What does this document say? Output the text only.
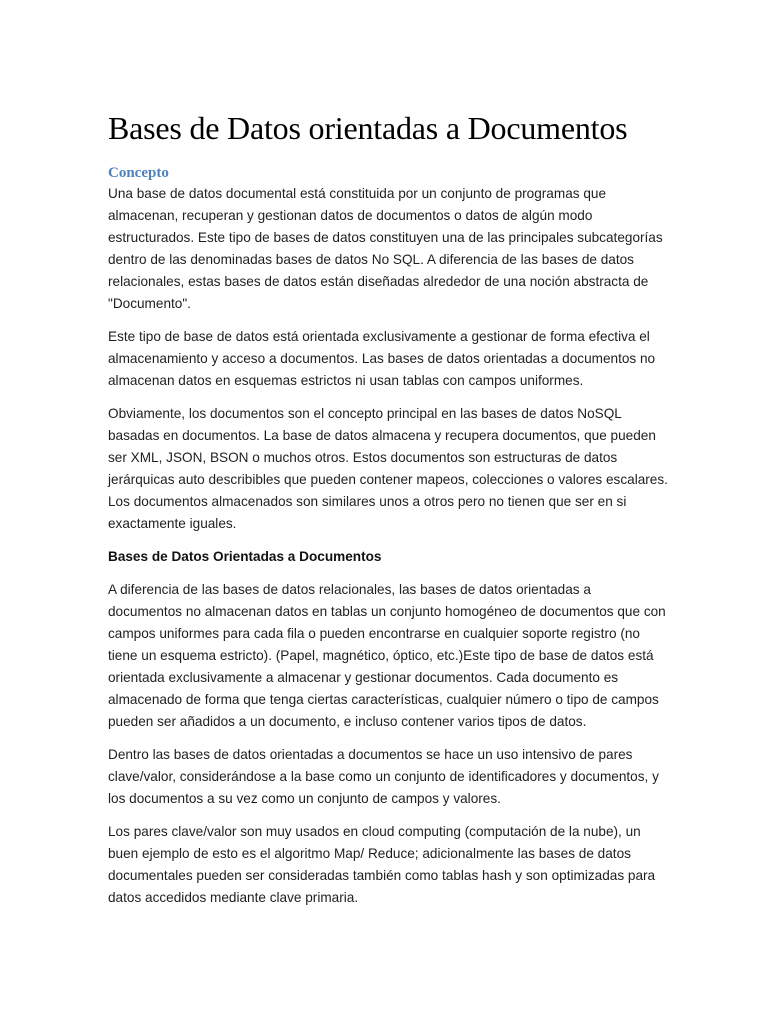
Bases de Datos orientadas a Documentos
Concepto

Una base de datos documental está constituida por un conjunto de programas que almacenan, recuperan y gestionan datos de documentos o datos de algún modo estructurados. Este tipo de bases de datos constituyen una de las principales subcategorías dentro de las denominadas bases de datos No SQL. A diferencia de las bases de datos relacionales, estas bases de datos están diseñadas alrededor de una noción abstracta de "Documento".

Este tipo de base de datos está orientada exclusivamente a gestionar de forma efectiva el almacenamiento y acceso a documentos. Las bases de datos orientadas a documentos no almacenan datos en esquemas estrictos ni usan tablas con campos uniformes.

Obviamente, los documentos son el concepto principal en las bases de datos NoSQL basadas en documentos. La base de datos almacena y recupera documentos, que pueden ser XML, JSON, BSON o muchos otros. Estos documentos son estructuras de datos jerárquicas auto describibles que pueden contener mapeos, colecciones o valores escalares. Los documentos almacenados son similares unos a otros pero no tienen que ser en si exactamente iguales.

Bases de Datos Orientadas a Documentos

A diferencia de las bases de datos relacionales, las bases de datos orientadas a documentos no almacenan datos en tablas un conjunto homogéneo de documentos que con campos uniformes para cada fila o pueden encontrarse en cualquier soporte registro (no tiene un esquema estricto). (Papel, magnético, óptico, etc.)Este tipo de base de datos está orientada exclusivamente a almacenar y gestionar documentos. Cada documento es almacenado de forma que tenga ciertas características, cualquier número o tipo de campos pueden ser añadidos a un documento, e incluso contener varios tipos de datos.

Dentro las bases de datos orientadas a documentos se hace un uso intensivo de pares clave/valor, considerándose a la base como un conjunto de identificadores y documentos, y los documentos a su vez como un conjunto de campos y valores.

Los pares clave/valor son muy usados en cloud computing (computación de la nube), un buen ejemplo de esto es el algoritmo Map/ Reduce; adicionalmente las bases de datos documentales pueden ser consideradas también como tablas hash y son optimizadas para datos accedidos mediante clave primaria.
